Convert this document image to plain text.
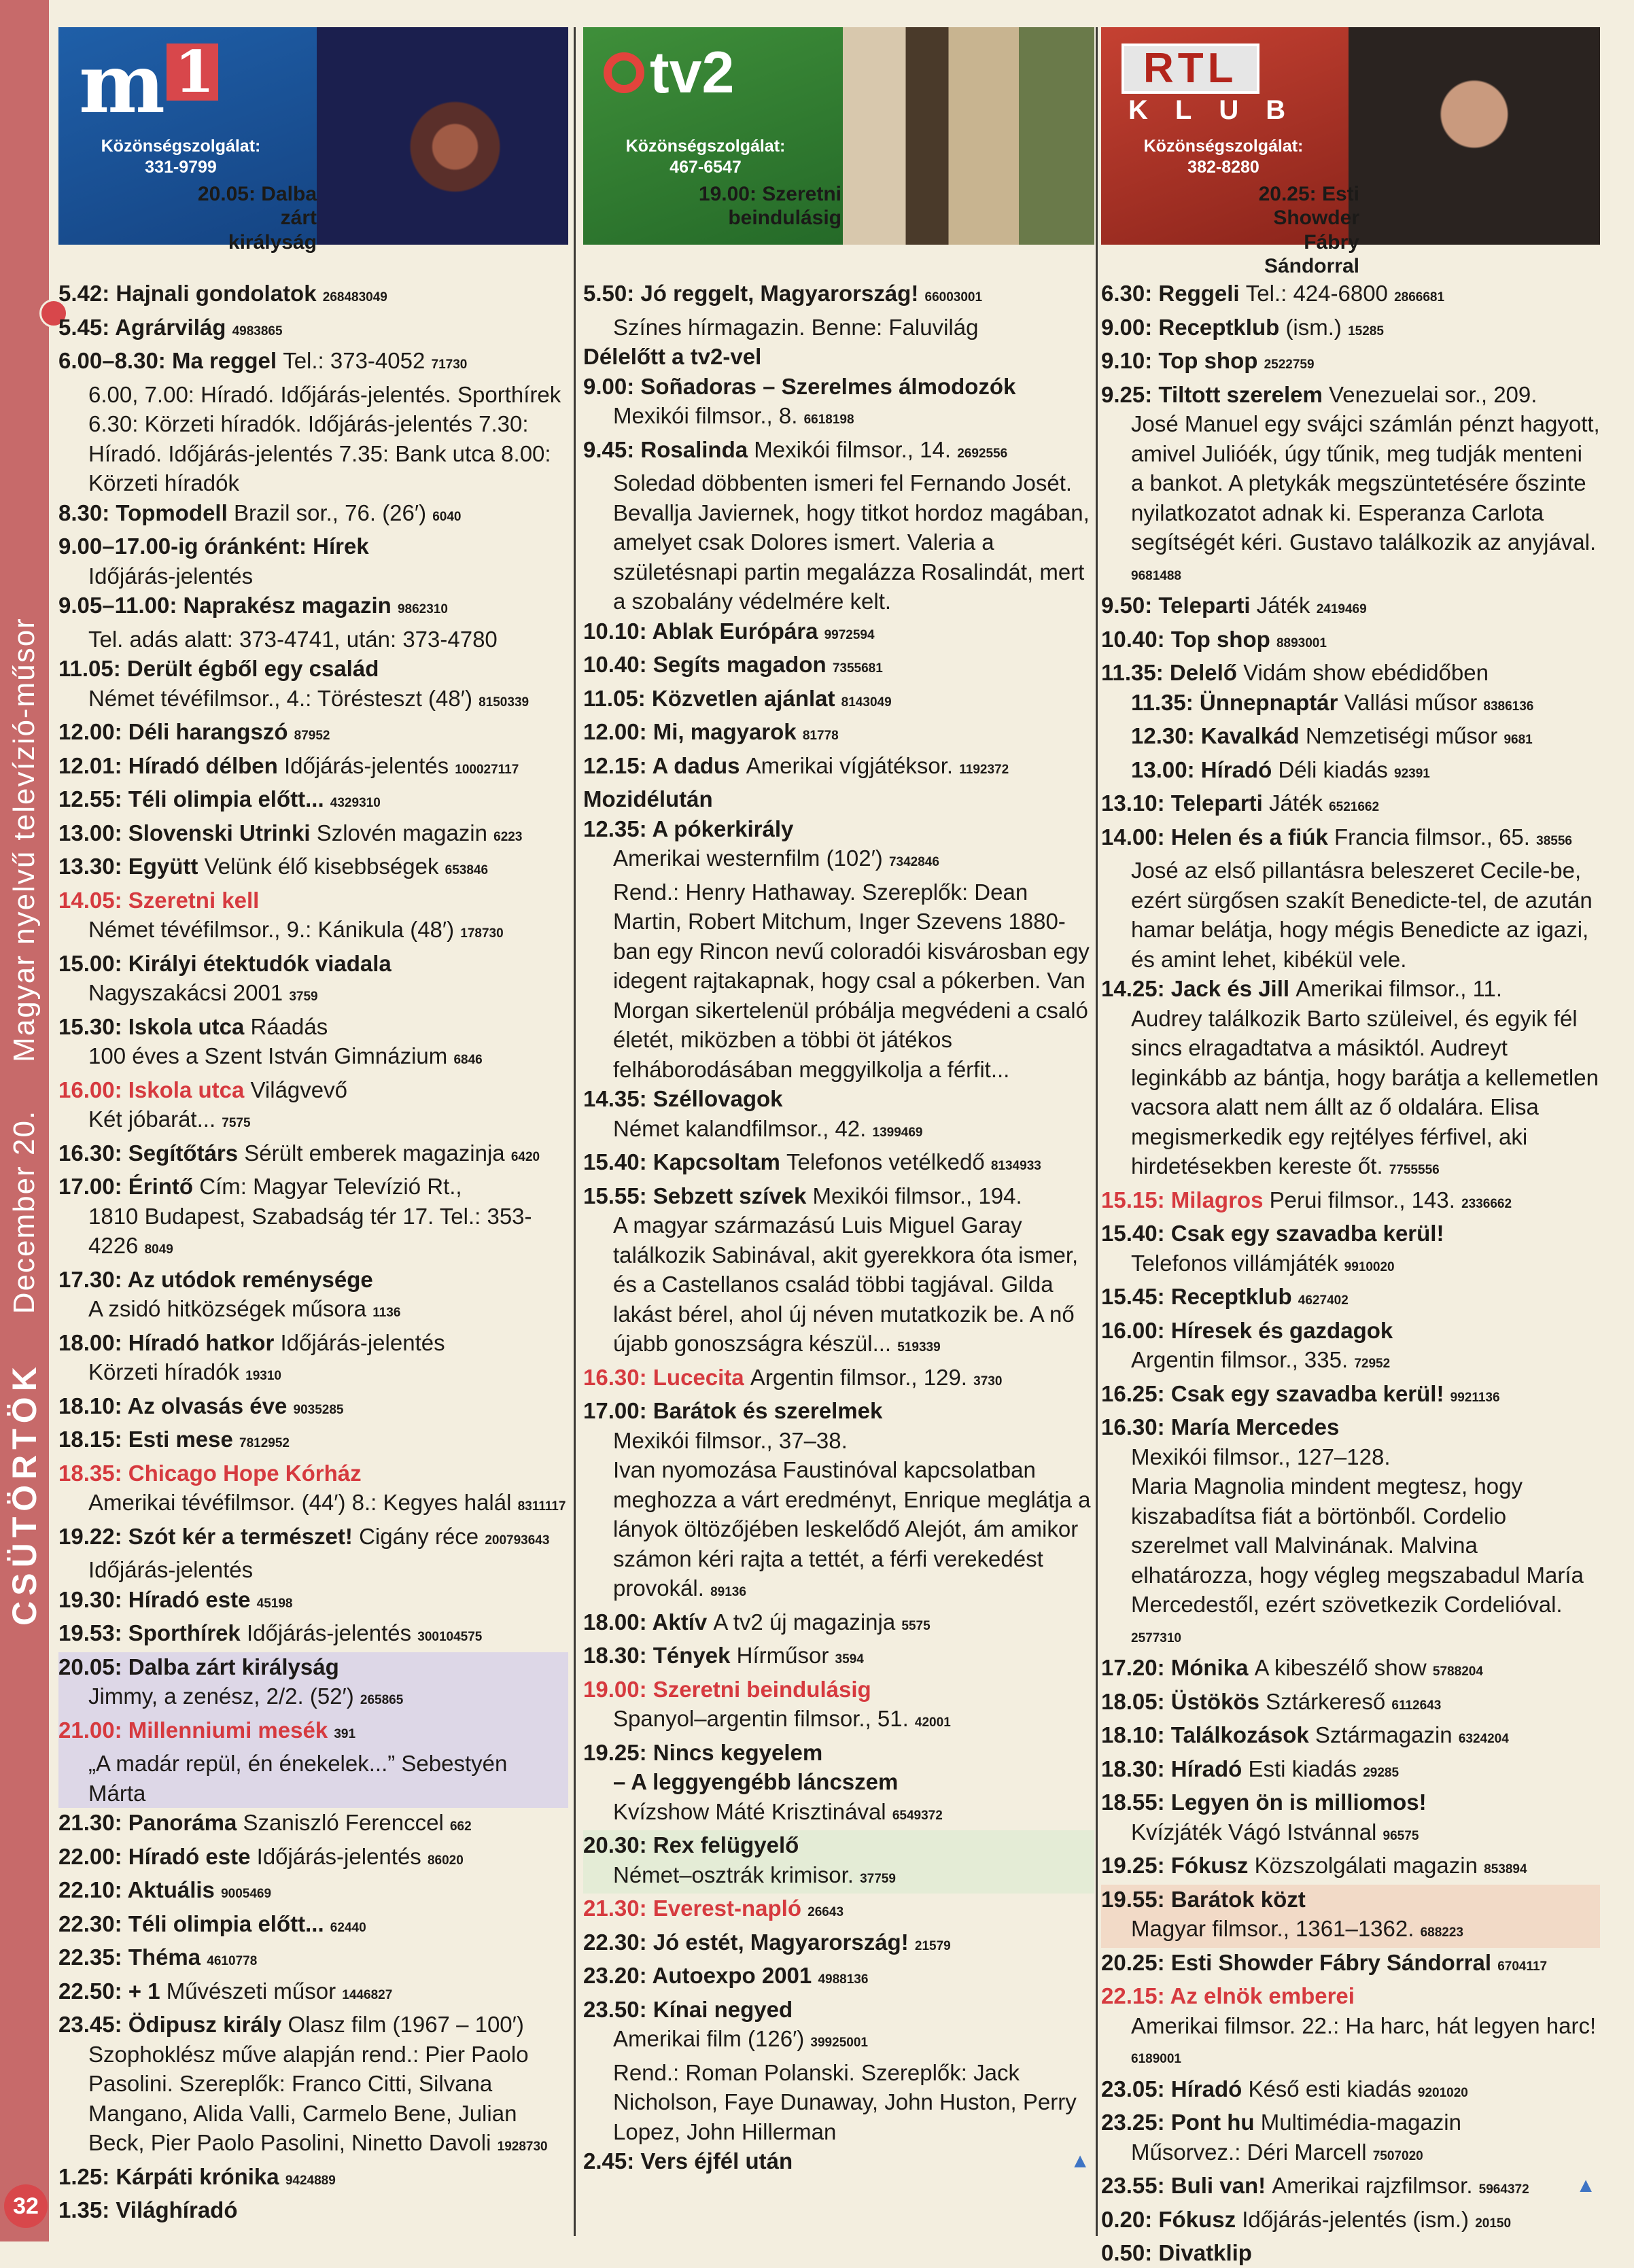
CSÜTÖRTÖK
December 20.
Magyar nyelvű televízió-műsor
32
m 1
Közönségszolgálat:
331-9799
20.05: Dalba zárt
királyság
5.42: Hajnali gondolatok 268483049
5.45: Agrárvilág 4983865
6.00–8.30: Ma reggel Tel.: 373-4052 71730
6.00, 7.00: Híradó. Időjárás-jelentés. Sporthírek 6.30: Körzeti híradók. Időjárás-jelentés 7.30: Híradó. Időjárás-jelentés 7.35: Bank utca 8.00: Körzeti híradók
8.30: Topmodell Brazil sor., 76. (26′) 6040
9.00–17.00-ig óránként: Hírek
Időjárás-jelentés
9.05–11.00: Naprakész magazin 9862310
Tel. adás alatt: 373-4741, után: 373-4780
11.05: Derült égből egy család
Német tévéfilmsor., 4.: Törésteszt (48′) 8150339
12.00: Déli harangszó 87952
12.01: Híradó délben Időjárás-jelentés 100027117
12.55: Téli olimpia előtt... 4329310
13.00: Slovenski Utrinki Szlovén magazin 6223
13.30: Együtt Velünk élő kisebbségek 653846
14.05: Szeretni kell
Német tévéfilmsor., 9.: Kánikula (48′) 178730
15.00: Királyi étektudók viadala
Nagyszakácsi 2001 3759
15.30: Iskola utca Ráadás
100 éves a Szent István Gimnázium 6846
16.00: Iskola utca Világvevő
Két jóbarát... 7575
16.30: Segítőtárs Sérült emberek magazinja 6420
17.00: Érintő Cím: Magyar Televízió Rt.,
1810 Budapest, Szabadság tér 17. Tel.: 353-4226 8049
17.30: Az utódok reménysége
A zsidó hitközségek műsora 1136
18.00: Híradó hatkor Időjárás-jelentés
Körzeti híradók 19310
18.10: Az olvasás éve 9035285
18.15: Esti mese 7812952
18.35: Chicago Hope Kórház
Amerikai tévéfilmsor. (44′) 8.: Kegyes halál 8311117
19.22: Szót kér a természet! Cigány réce 200793643
Időjárás-jelentés
19.30: Híradó este 45198
19.53: Sporthírek Időjárás-jelentés 300104575
20.05: Dalba zárt királyság
Jimmy, a zenész, 2/2. (52′) 265865
21.00: Millenniumi mesék 391
„A madár repül, én énekelek...” Sebestyén Márta
21.30: Panoráma Szaniszló Ferenccel 662
22.00: Híradó este Időjárás-jelentés 86020
22.10: Aktuális 9005469
22.30: Téli olimpia előtt... 62440
22.35: Théma 4610778
22.50: + 1 Művészeti műsor 1446827
23.45: Ödipusz király Olasz film (1967 – 100′)
Szophoklész műve alapján rend.: Pier Paolo Pasolini. Szereplők: Franco Citti, Silvana Mangano, Alida Valli, Carmelo Bene, Julian Beck, Pier Paolo Pasolini, Ninetto Davoli 1928730
1.25: Kárpáti krónika 9424889
1.35: Világhíradó
tv2
Közönségszolgálat:
467-6547
19.00: Szeretni
beindulásig
5.50: Jó reggelt, Magyarország! 66003001
Színes hírmagazin. Benne: Faluvilág
Délelőtt a tv2-vel
9.00: Soñadoras – Szerelmes álmodozók
Mexikói filmsor., 8. 6618198
9.45: Rosalinda Mexikói filmsor., 14. 2692556
Soledad döbbenten ismeri fel Fernando Josét. Bevallja Javiernek, hogy titkot hordoz magában, amelyet csak Dolores ismert. Valeria a születésnapi partin megalázza Rosalindát, mert a szobalány védelmére kelt.
10.10: Ablak Európára 9972594
10.40: Segíts magadon 7355681
11.05: Közvetlen ajánlat 8143049
12.00: Mi, magyarok 81778
12.15: A dadus Amerikai vígjátéksor. 1192372
Mozidélután
12.35: A pókerkirály
Amerikai westernfilm (102′) 7342846
Rend.: Henry Hathaway. Szereplők: Dean Martin, Robert Mitchum, Inger Szevens 1880-ban egy Rincon nevű coloradói kisvárosban egy idegent rajtakapnak, hogy csal a pókerben. Van Morgan sikertelenül próbálja megvédeni a csaló életét, miközben a többi öt játékos felháborodásában meggyilkolja a férfit...
14.35: Széllovagok
Német kalandfilmsor., 42. 1399469
15.40: Kapcsoltam Telefonos vetélkedő 8134933
15.55: Sebzett szívek Mexikói filmsor., 194.
A magyar származású Luis Miguel Garay találkozik Sabinával, akit gyerekkora óta ismer, és a Castellanos család többi tagjával. Gilda lakást bérel, ahol új néven mutatkozik be. A nő újabb gonoszságra készül... 519339
16.30: Lucecita Argentin filmsor., 129. 3730
17.00: Barátok és szerelmek
Mexikói filmsor., 37–38.
Ivan nyomozása Faustinóval kapcsolatban meghozza a várt eredményt, Enrique meglátja a lányok öltözőjében leskelődő Alejót, ám amikor számon kéri rajta a tettét, a férfi verekedést provokál. 89136
18.00: Aktív A tv2 új magazinja 5575
18.30: Tények Hírműsor 3594
19.00: Szeretni beindulásig
Spanyol–argentin filmsor., 51. 42001
19.25: Nincs kegyelem
– A leggyengébb láncszem
Kvízshow Máté Krisztinával 6549372
20.30: Rex felügyelő
Német–osztrák krimisor. 37759
21.30: Everest-napló 26643
22.30: Jó estét, Magyarország! 21579
23.20: Autoexpo 2001 4988136
23.50: Kínai negyed
Amerikai film (126′) 39925001
Rend.: Roman Polanski. Szereplők: Jack Nicholson, Faye Dunaway, John Huston, Perry Lopez, John Hillerman
▲
2.45: Vers éjfél után
RTL
KLUB
Közönségszolgálat:
382-8280
20.25: Esti Showder
Fábry Sándorral
6.30: Reggeli Tel.: 424-6800 2866681
9.00: Receptklub (ism.) 15285
9.10: Top shop 2522759
9.25: Tiltott szerelem Venezuelai sor., 209.
José Manuel egy svájci számlán pénzt hagyott, amivel Julióék, úgy tűnik, meg tudják menteni a bankot. A pletykák megszüntetésére őszinte nyilatkozatot adnak ki. Esperanza Carlota segítségét kéri. Gustavo találkozik az anyjával. 9681488
9.50: Teleparti Játék 2419469
10.40: Top shop 8893001
11.35: Delelő Vidám show ebédidőben
11.35: Ünnepnaptár Vallási műsor 8386136
12.30: Kavalkád Nemzetiségi műsor 9681
13.00: Híradó Déli kiadás 92391
13.10: Teleparti Játék 6521662
14.00: Helen és a fiúk Francia filmsor., 65. 38556
José az első pillantásra beleszeret Cecile-be, ezért sürgősen szakít Benedicte-tel, de azután hamar belátja, hogy mégis Benedicte az igazi, és amint lehet, kibékül vele.
14.25: Jack és Jill Amerikai filmsor., 11.
Audrey találkozik Barto szüleivel, és egyik fél sincs elragadtatva a másiktól. Audreyt leginkább az bántja, hogy barátja a kellemetlen vacsora alatt nem állt az ő oldalára. Elisa megismerkedik egy rejtélyes férfivel, aki hirdetésekben kereste őt. 7755556
15.15: Milagros Perui filmsor., 143. 2336662
15.40: Csak egy szavadba kerül!
Telefonos villámjáték 9910020
15.45: Receptklub 4627402
16.00: Híresek és gazdagok
Argentin filmsor., 335. 72952
16.25: Csak egy szavadba kerül! 9921136
16.30: María Mercedes
Mexikói filmsor., 127–128.
Maria Magnolia mindent megtesz, hogy kiszabadítsa fiát a börtönből. Cordelio szerelmet vall Malvinának. Malvina elhatározza, hogy végleg megszabadul María Mercedestől, ezért szövetkezik Cordelióval. 2577310
17.20: Mónika A kibeszélő show 5788204
18.05: Üstökös Sztárkereső 6112643
18.10: Találkozások Sztármagazin 6324204
18.30: Híradó Esti kiadás 29285
18.55: Legyen ön is milliomos!
Kvízjáték Vágó Istvánnal 96575
19.25: Fókusz Közszolgálati magazin 853894
19.55: Barátok közt
Magyar filmsor., 1361–1362. 688223
20.25: Esti Showder Fábry Sándorral 6704117
22.15: Az elnök emberei
Amerikai filmsor. 22.: Ha harc, hát legyen harc! 6189001
23.05: Híradó Késő esti kiadás 9201020
23.25: Pont hu Multimédia-magazin
Műsorvez.: Déri Marcell 7507020
23.55: Buli van! Amerikai rajzfilmsor. 5964372 ▲
0.20: Fókusz Időjárás-jelentés (ism.) 20150
0.50: Divatklip
